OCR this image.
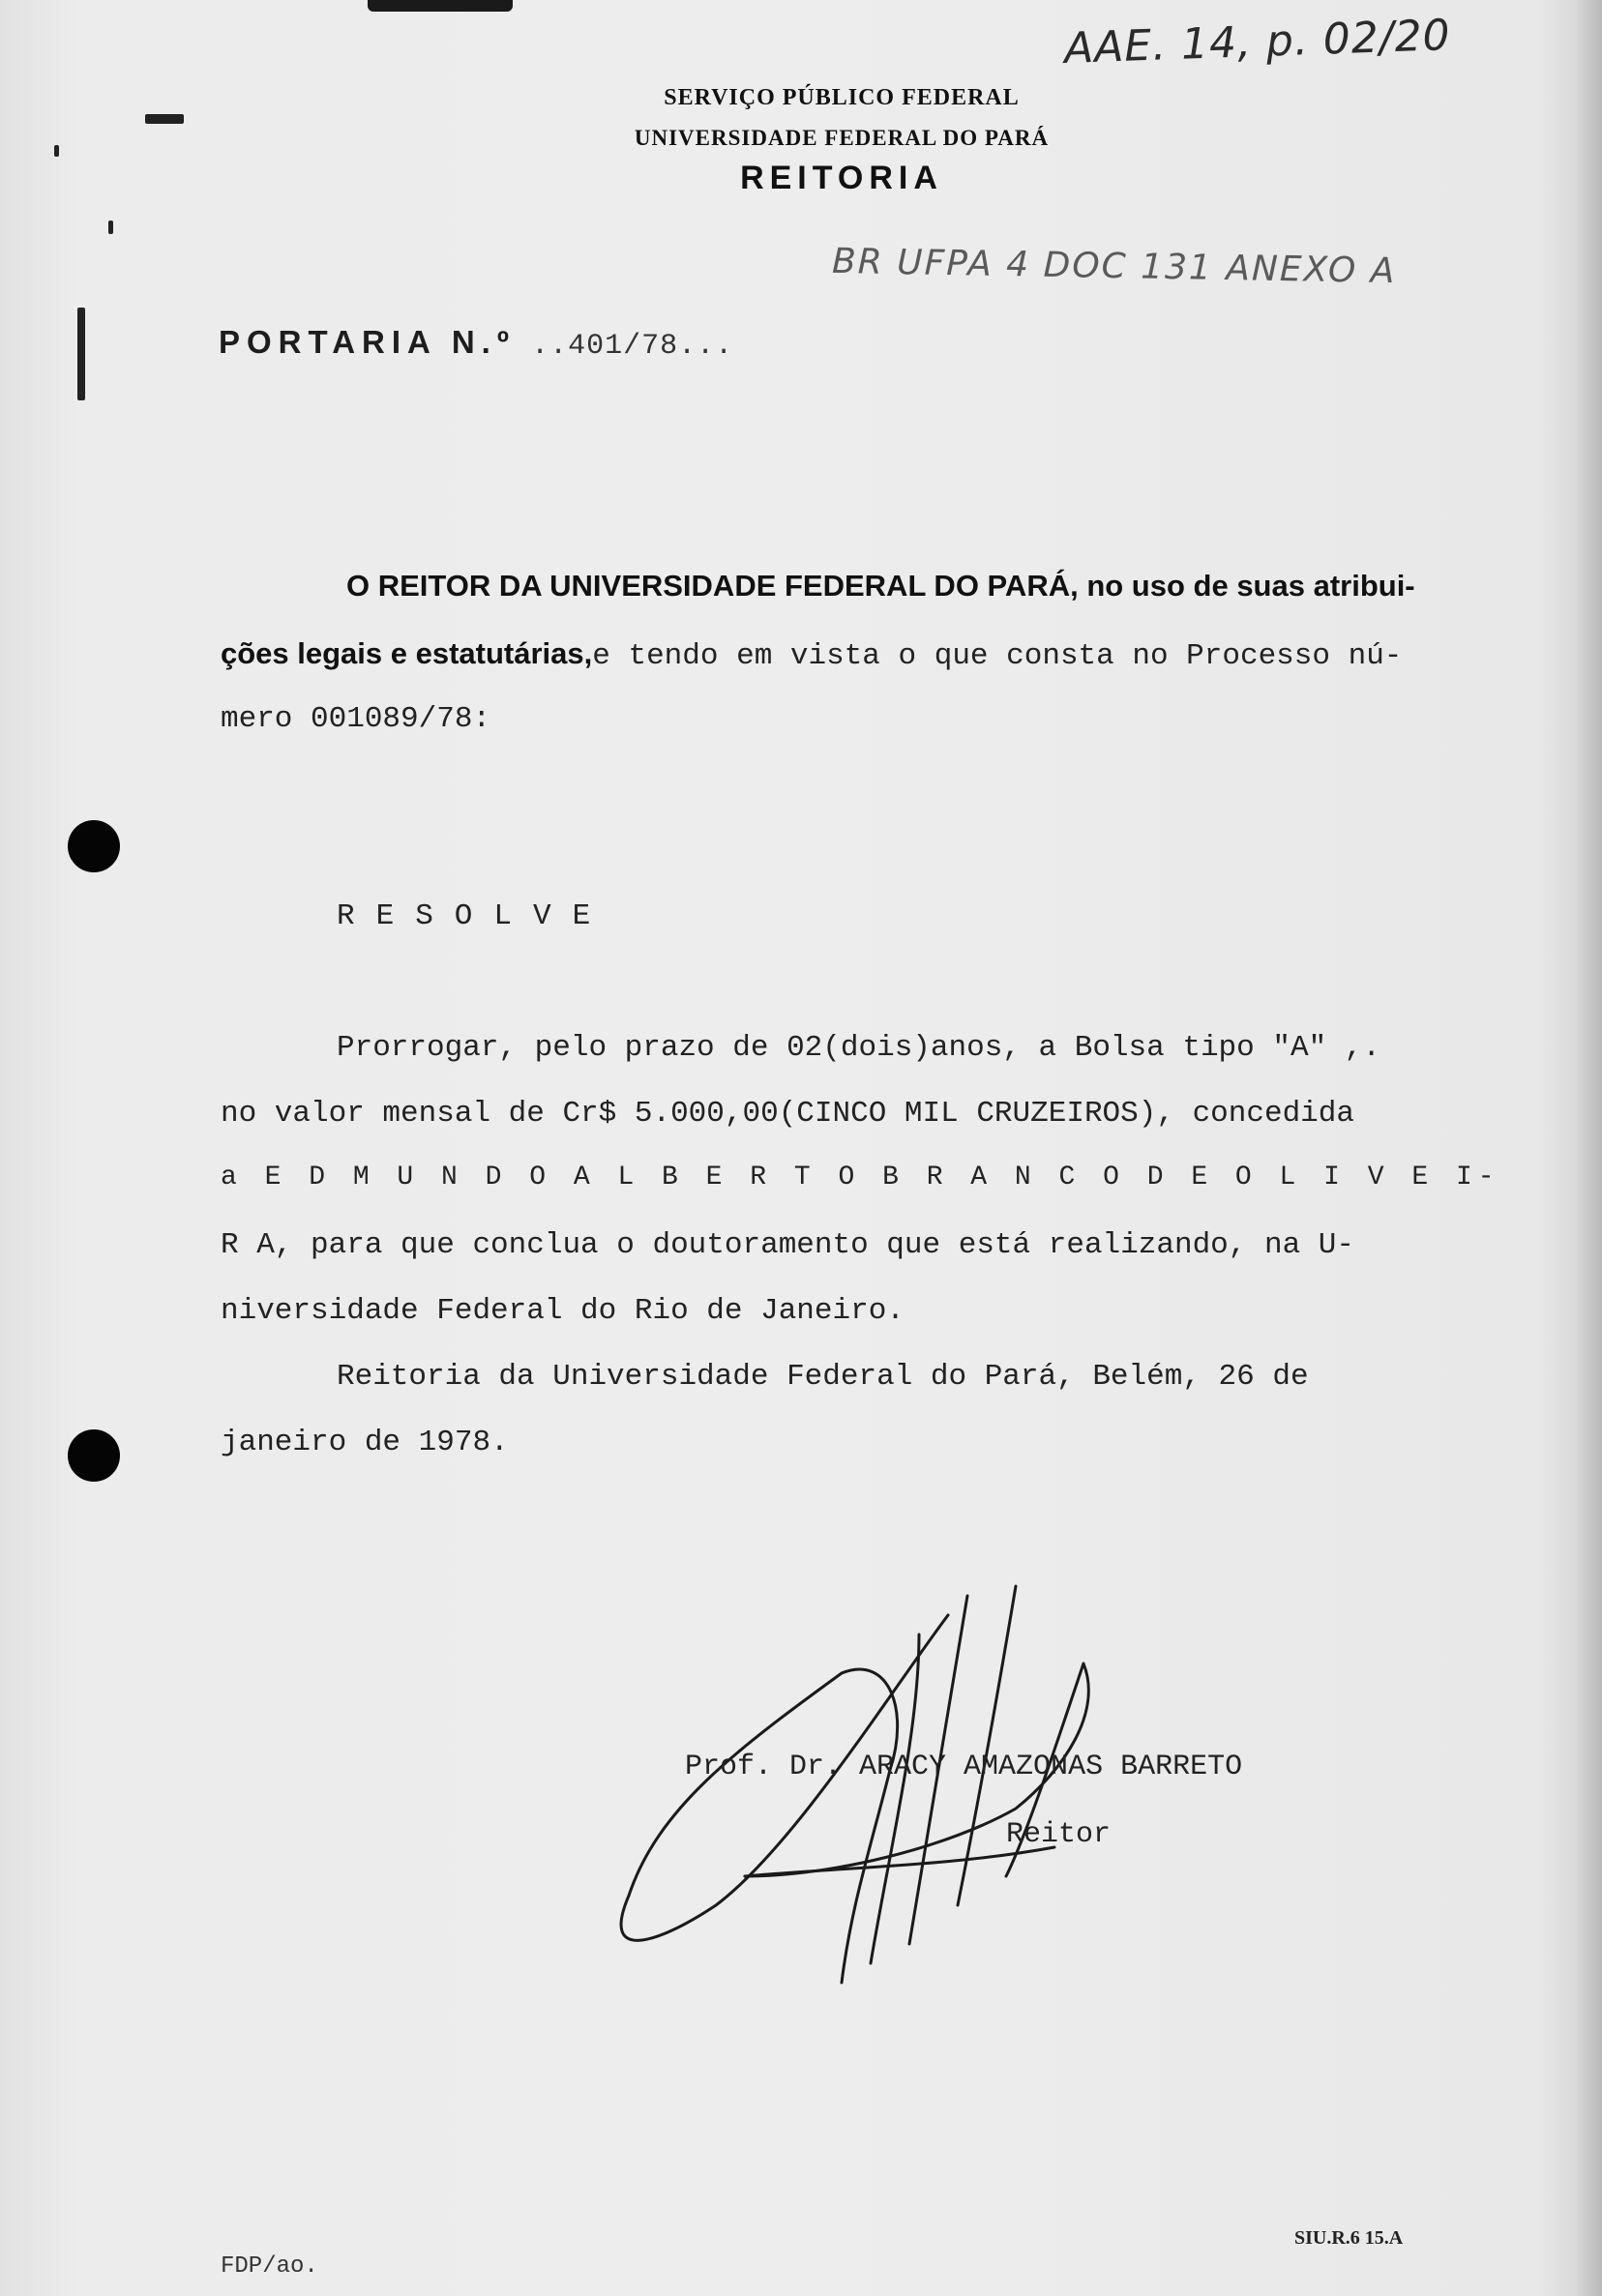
AAE. 14, p. 02/20
SERVIÇO PÚBLICO FEDERAL
UNIVERSIDADE FEDERAL DO PARÁ
REITORIA
BR UFPA 4 DOC 131 ANEXO A
PORTARIA N.º ..401/78...
O REITOR DA UNIVERSIDADE FEDERAL DO PARÁ, no uso de suas atribui-
ções legais e estatutárias,e tendo em vista o que consta no Processo nú-
mero 001089/78:
RESOLVE
Prorrogar, pelo prazo de 02(dois)anos, a Bolsa tipo "A" ,.
no valor mensal de Cr$ 5.000,00(CINCO MIL CRUZEIROS), concedida
a E D M U N D O A L B E R T O B R A N C O D E O L I V E I-
R A, para que conclua o doutoramento que está realizando, na U-
niversidade Federal do Rio de Janeiro.
Reitoria da Universidade Federal do Pará, Belém, 26 de
janeiro de 1978.
Prof. Dr. ARACY AMAZONAS BARRETO
Reitor
SIU.R.6 15.A
FDP/ao.
